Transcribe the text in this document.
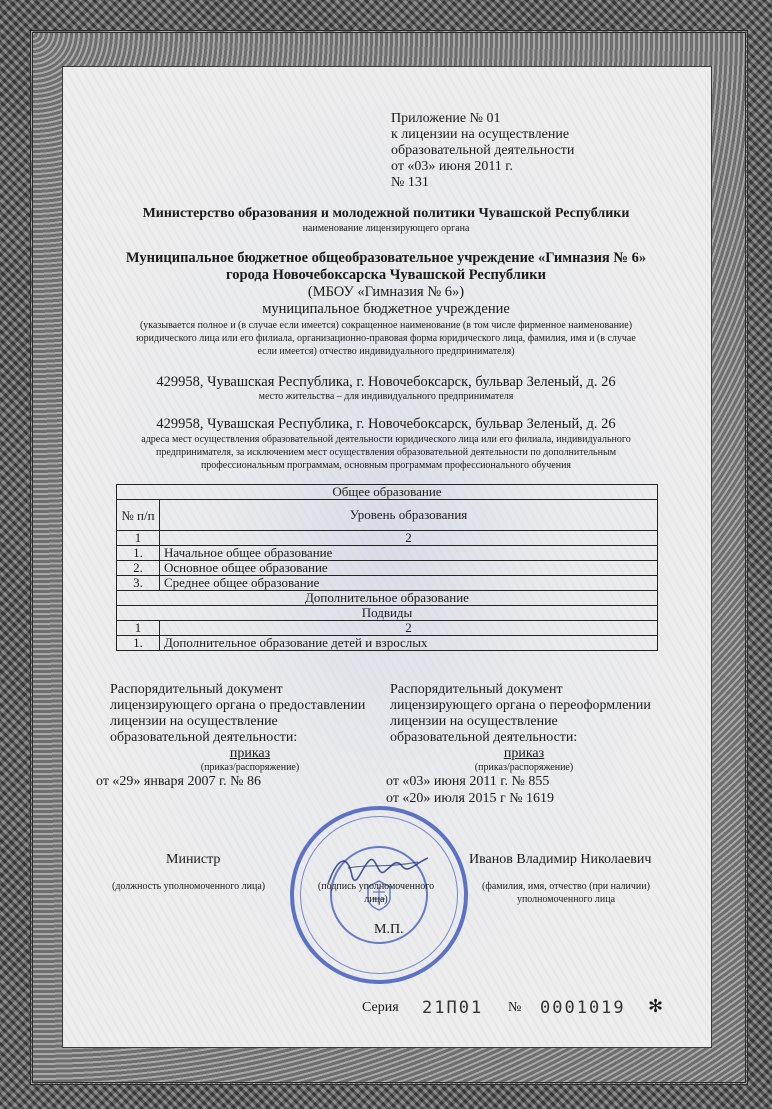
Приложение № 01
к лицензии на осуществление
образовательной деятельности
от «03» июня 2011 г.
№ 131
Министерство образования и молодежной политики Чувашской Республики
наименование лицензирующего органа
Муниципальное бюджетное общеобразовательное учреждение «Гимназия № 6»
города Новочебоксарска Чувашской Республики
(МБОУ «Гимназия № 6»)
муниципальное бюджетное учреждение
(указывается полное и (в случае если имеется) сокращенное наименование (в том числе фирменное наименование)
юридического лица или его филиала, организационно-правовая форма юридического лица, фамилия, имя и (в случае
если имеется) отчество индивидуального предпринимателя)
429958, Чувашская Республика, г. Новочебоксарск, бульвар Зеленый, д. 26
место жительства – для индивидуального предпринимателя
429958, Чувашская Республика, г. Новочебоксарск, бульвар Зеленый, д. 26
адреса мест осуществления образовательной деятельности юридического лица или его филиала, индивидуального
предпринимателя, за исключением мест осуществления образовательной деятельности по дополнительным
профессиональным программам, основным программам профессионального обучения
Общее образование	
№ п/п	Уровень образования
1	2
1.	Начальное общее образование
2.	Основное общее образование
3.	Среднее общее образование
Дополнительное образование	
Подвиды	
1	2
1.	Дополнительное образование детей и взрослых
Распорядительный документ
лицензирующего органа о предоставлении
лицензии на осуществление
образовательной деятельности:
приказ
(приказ/распоряжение)
от «29» января 2007 г. № 86
Распорядительный документ
лицензирующего органа о переоформлении
лицензии на осуществление
образовательной деятельности:
приказ
(приказ/распоряжение)
от «03» июня 2011 г. № 855
от «20» июля 2015 г № 1619
Министр
(должность уполномоченного лица)	(подпись уполномоченного
лица)
Иванов Владимир Николаевич
(фамилия, имя, отчество (при наличии)
уполномоченного лица
М.П.
Серия 21П01 № 0001019 ✻
